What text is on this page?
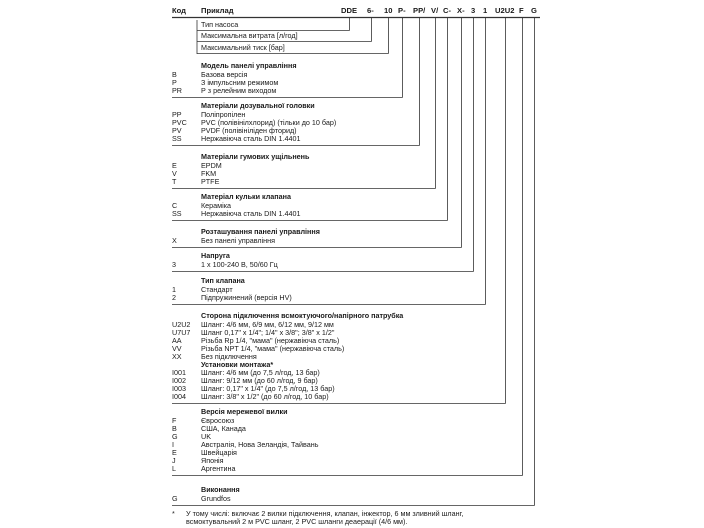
Код Приклад	DDE 6- 10 P- PP/ V/ C- X- 3 1 U2U2 F G
Тип насоса
Максимальна витрата [л/год]
Максимальний тиск [бар]
Модель панелі управління
B	Базова версія
P	З імпульсним режимом
PR	Р з релейним виходом
Матеріали дозувальної головки
PP	Поліпропілен
PVC PVC (полівінілхлорид) (тільки до 10 бар)
PV	PVDF (полівініліден фторид)
SS	Нержавіюча сталь DIN 1.4401
Матеріали гумових ущільнень
E	EPDM
V	FKM
T	PTFE
Матеріал кульки клапана
C	Кераміка
SS	Нержавіюча сталь DIN 1.4401
Розташування панелі управління
X	Без панелі управління
Напруга
3	1 x 100-240 В, 50/60 Гц
Тип клапана
1	Стандарт
2	Підпружинений (версія HV)
Сторона підключення всмоктуючого/напірного патрубка
U2U2 Шланг: 4/6 мм, 6/9 мм, 6/12 мм, 9/12 мм
U7U7 Шланг 0,17" x 1/4"; 1/4" x 3/8"; 3/8" x 1/2"
AA	Різьба Rp 1/4, "мама" (нержавіюча сталь)
VV	Різьба NPT 1/4, "мама" (нержавіюча сталь)
XX	Без підключення
Установки монтажа*
I001 Шланг: 4/6 мм (до 7,5 л/год, 13 бар)
I002 Шланг: 9/12 мм (до 60 л/год, 9 бар)
I003 Шланг: 0,17" x 1/4" (до 7,5 л/год, 13 бар)
I004 Шланг: 3/8" x 1/2" (до 60 л/год, 10 бар)
Версія мережевої вилки
F	Євросоюз
B	США, Канада
G	UK
I	Австралія, Нова Зеландія, Тайвань
E	Швейцарія
J	Японія
L	Аргентина
Виконання
G	Grundfos
* У тому числі: включає 2 вилки підключення, клапан, інжектор, 6 мм зливний шланг,
всмоктувальний 2 м PVC шланг, 2 PVC шланги деаерації (4/6 мм).
